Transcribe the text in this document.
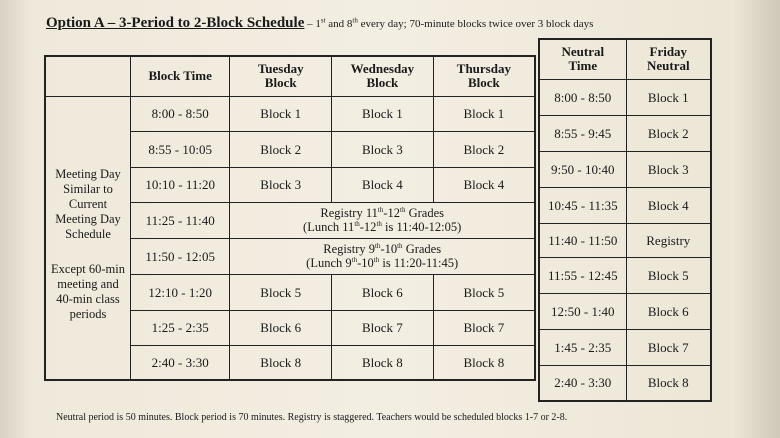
Option A – 3-Period to 2-Block Schedule – 1st and 8th every day; 70-minute blocks twice over 3 block days
	Block Time	Tuesday Block	Wednesday Block	Thursday Block

Meeting Day Similar to Current Meeting Day Schedule
Except 60-min meeting and 40-min class periods	8:00 - 8:50	Block 1	Block 1	Block 1
	8:55 - 10:05	Block 2	Block 3	Block 2
	10:10 - 11:20	Block 3	Block 4	Block 4
	11:25 - 11:40	Registry 11th-12th Grades
(Lunch 11th-12th is 11:40-12:05)		

	11:50 - 12:05	Registry 9th-10th Grades
(Lunch 9th-10th is 11:20-11:45)		

	12:10 - 1:20	Block 5	Block 6	Block 5
	1:25 - 2:35	Block 6	Block 7	Block 7
	2:40 - 3:30	Block 8	Block 8	Block 8
Neutral Time	Friday Neutral
8:00 - 8:50	Block 1
8:55 - 9:45	Block 2
9:50 - 10:40	Block 3
10:45 - 11:35	Block 4
11:40 - 11:50	Registry
11:55 - 12:45	Block 5
12:50 - 1:40	Block 6
1:45 - 2:35	Block 7
2:40 - 3:30	Block 8
Neutral period is 50 minutes. Block period is 70 minutes. Registry is staggered. Teachers would be scheduled blocks 1-7 or 2-8.
